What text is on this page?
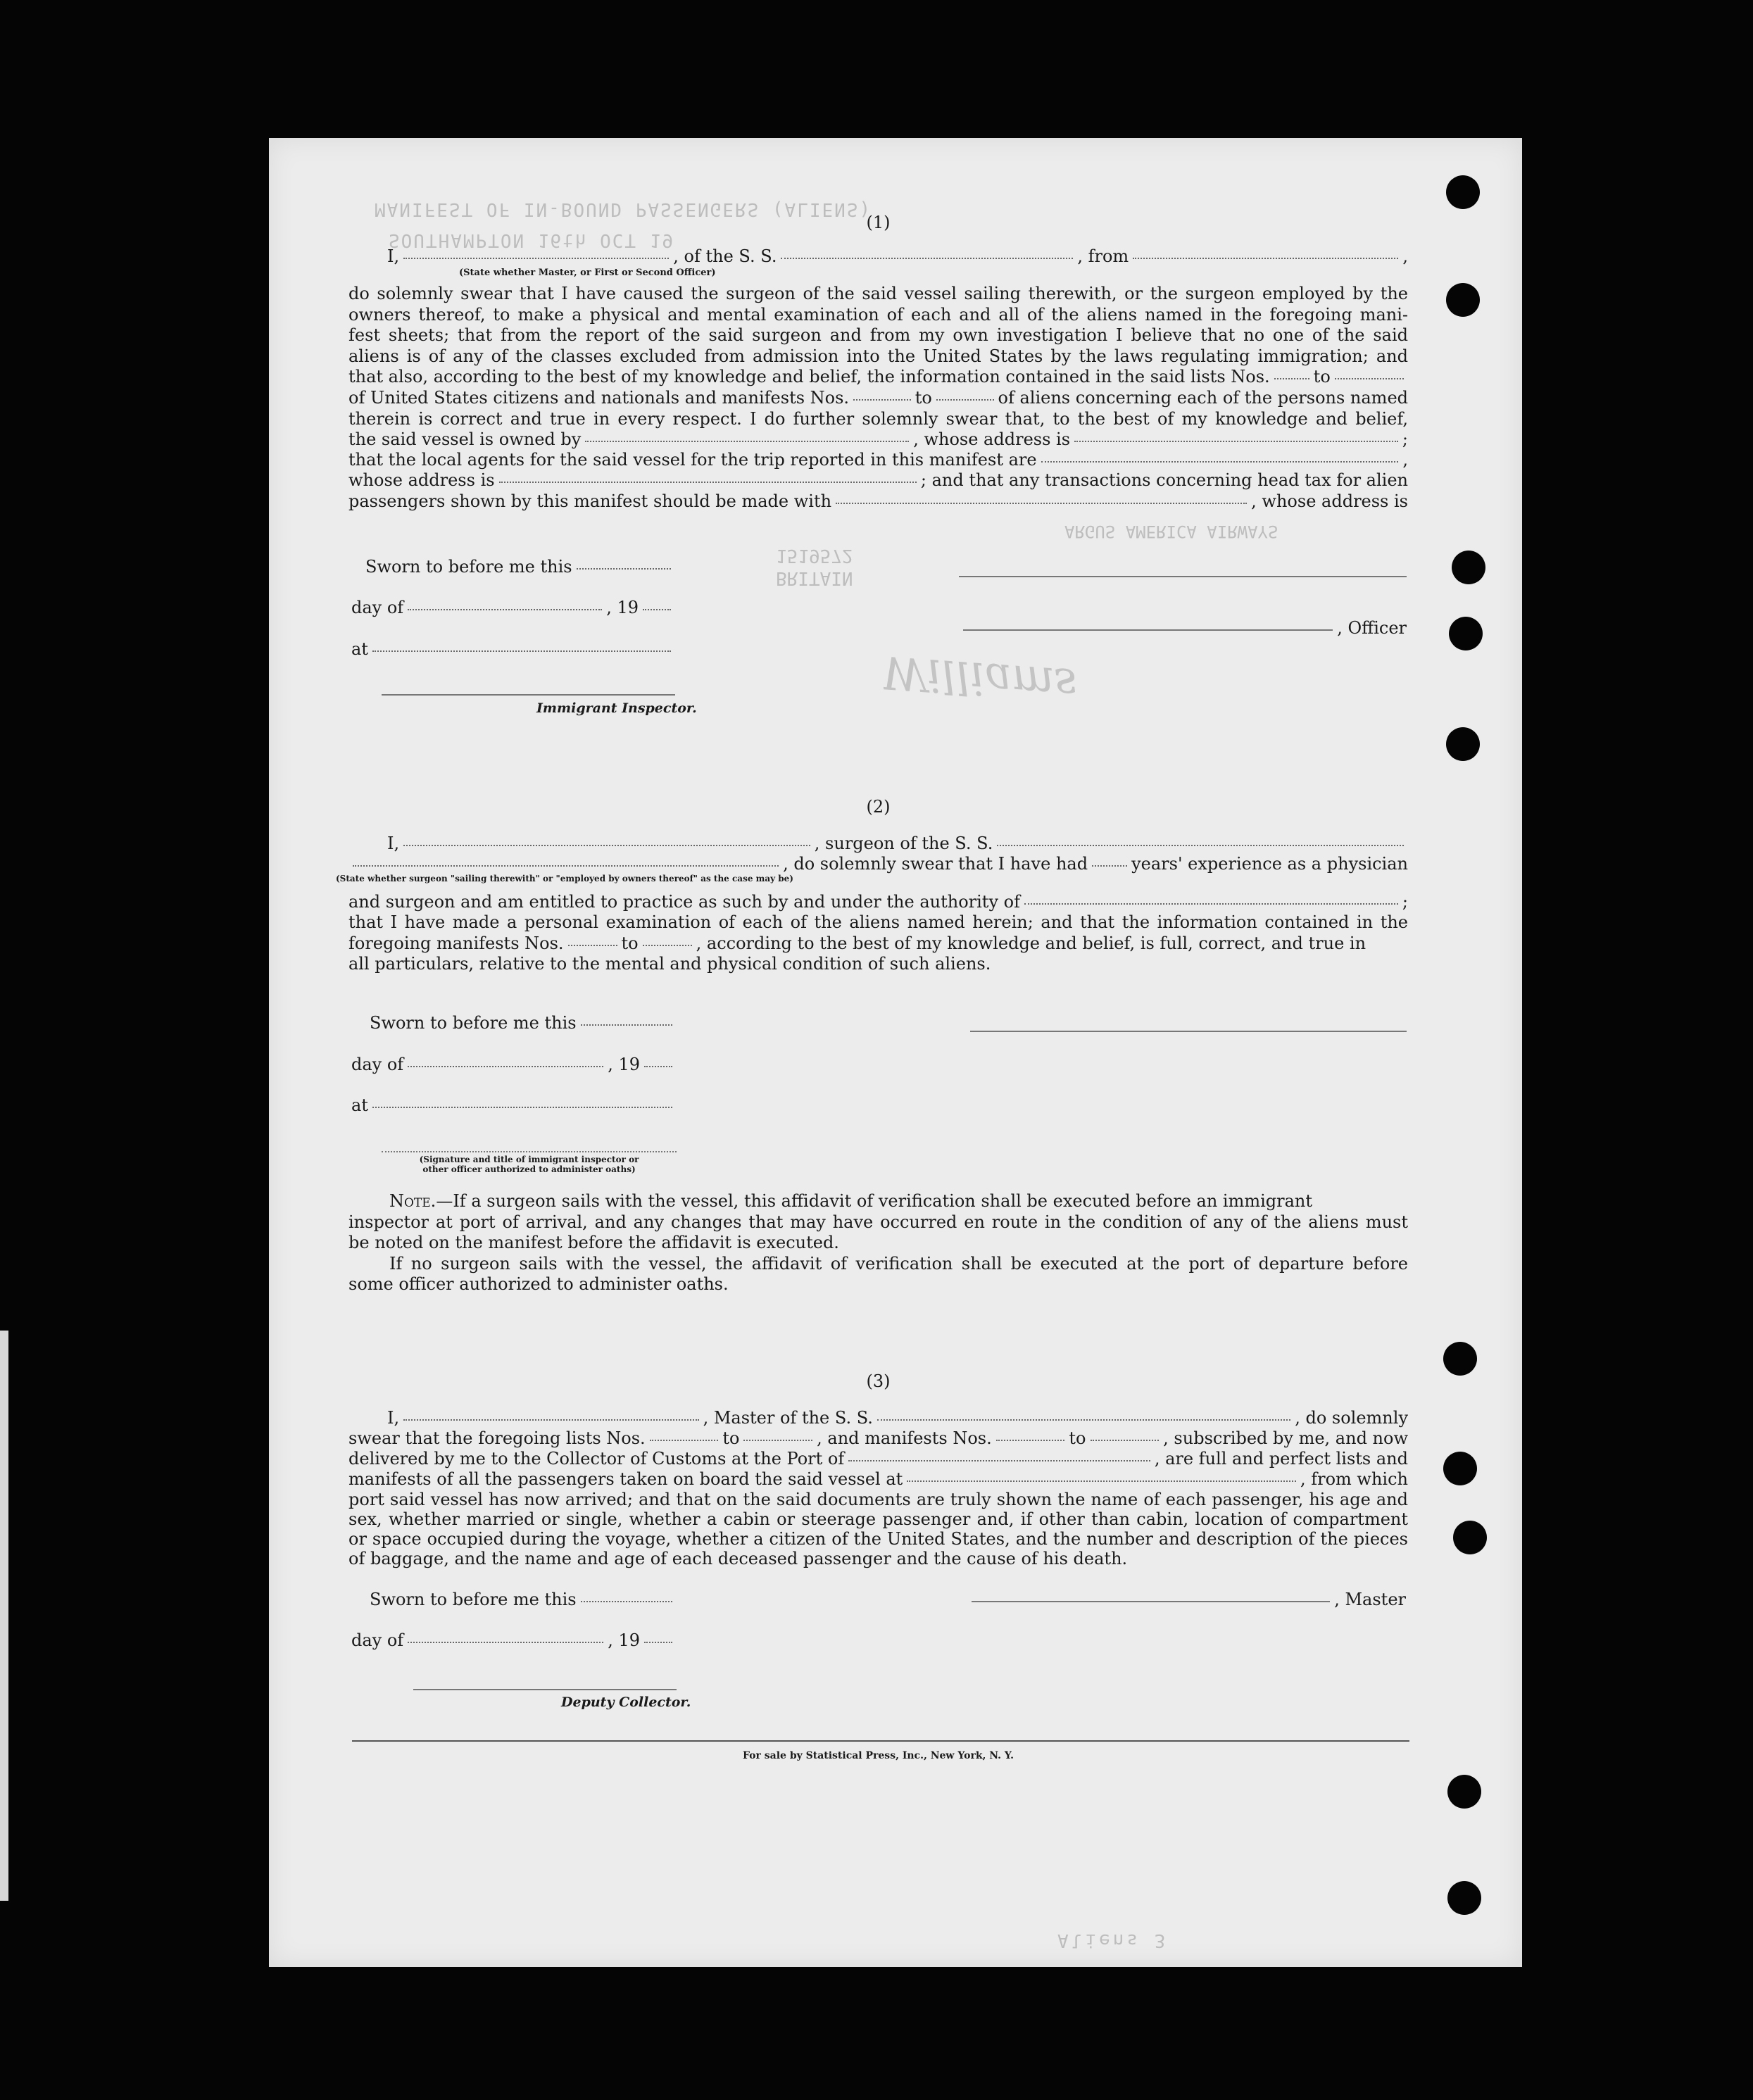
MANIFEST OF IN-BOUND PASSENGERS (ALIENS)
SOUTHAMPTON 16th OCT 19
1519572
BRITAIN
ARGUS AMERICA AIRWAYS
Aliens 3
Williams
(1)
I,	, of the S. S.	, from	,
(State whether Master, or First or Second Officer)

do solemnly swear that I have caused the surgeon of the said vessel sailing therewith, or the surgeon employed by the

owners thereof, to make a physical and mental examination of each and all of the aliens named in the foregoing mani-

fest sheets; that from the report of the said surgeon and from my own investigation I believe that no one of the said

aliens is of any of the classes excluded from admission into the United States by the laws regulating immigration; and

that also, according to the best of my knowledge and belief, the information contained in the said lists Nos.	to
of United States citizens and nationals and manifests Nos.	to	of aliens concerning each of the persons named

therein is correct and true in every respect. I do further solemnly swear that, to the best of my knowledge and belief,

the said vessel is owned by	, whose address is	;
that the local agents for the said vessel for the trip reported in this manifest are	,
whose address is	; and that any transactions concerning head tax for alien
passengers shown by this manifest should be made with	, whose address is
Sworn to before me this
day of	, 19
, Officer
at
Immigrant Inspector.
(2)
I,	, surgeon of the S. S.
, do solemnly swear that I have had	years' experience as a physician
(State whether surgeon "sailing therewith" or "employed by owners thereof" as the case may be)
and surgeon and am entitled to practice as such by and under the authority of	;

that I have made a personal examination of each of the aliens named herein; and that the information contained in the

foregoing manifests Nos.	to	, according to the best of my knowledge and belief, is full, correct, and true in
all particulars, relative to the mental and physical condition of such aliens.
Sworn to before me this
day of	, 19
at
(Signature and title of immigrant inspector or
other officer authorized to administer oaths)
Note. —If a surgeon sails with the vessel, this affidavit of verification shall be executed before an immigrant

inspector at port of arrival, and any changes that may have occurred en route in the condition of any of the aliens must

be noted on the manifest before the affidavit is executed.

If no surgeon sails with the vessel, the affidavit of verification shall be executed at the port of departure before

some officer authorized to administer oaths.
(3)
I,	, Master of the S. S.	, do solemnly
swear that the foregoing lists Nos.	to	, and manifests Nos.	to	, subscribed by me, and now
delivered by me to the Collector of Customs at the Port of	, are full and perfect lists and
manifests of all the passengers taken on board the said vessel at	, from which

port said vessel has now arrived; and that on the said documents are truly shown the name of each passenger, his age and

sex, whether married or single, whether a cabin or steerage passenger and, if other than cabin, location of compartment

or space occupied during the voyage, whether a citizen of the United States, and the number and description of the pieces

of baggage, and the name and age of each deceased passenger and the cause of his death.
Sworn to before me this	, Master
day of	, 19
Deputy Collector.
For sale by Statistical Press, Inc., New York, N. Y.
